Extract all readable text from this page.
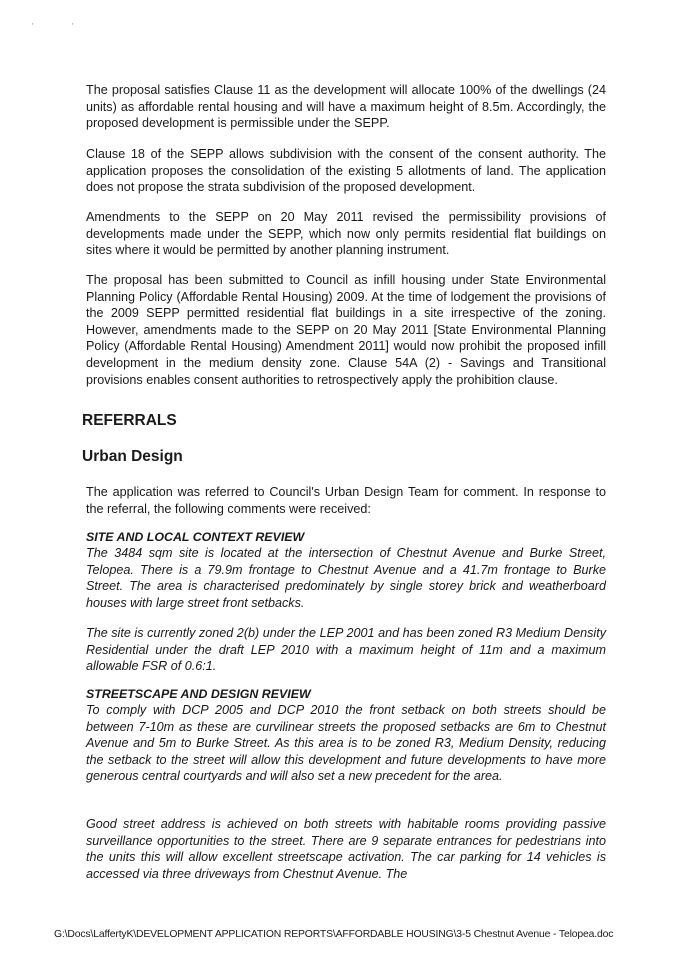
'	'

The proposal satisfies Clause 11 as the development will allocate 100% of the dwellings (24 units) as affordable rental housing and will have a maximum height of 8.5m. Accordingly, the proposed development is permissible under the SEPP.

Clause 18 of the SEPP allows subdivision with the consent of the consent authority. The application proposes the consolidation of the existing 5 allotments of land. The application does not propose the strata subdivision of the proposed development.

Amendments to the SEPP on 20 May 2011 revised the permissibility provisions of developments made under the SEPP, which now only permits residential flat buildings on sites where it would be permitted by another planning instrument.

The proposal has been submitted to Council as infill housing under State Environmental Planning Policy (Affordable Rental Housing) 2009. At the time of lodgement the provisions of the 2009 SEPP permitted residential flat buildings in a site irrespective of the zoning. However, amendments made to the SEPP on 20 May 2011 [State Environmental Planning Policy (Affordable Rental Housing) Amendment 2011] would now prohibit the proposed infill development in the medium density zone. Clause 54A (2) - Savings and Transitional provisions enables consent authorities to retrospectively apply the prohibition clause.

REFERRALS
Urban Design

The application was referred to Council's Urban Design Team for comment. In response to the referral, the following comments were received:

SITE AND LOCAL CONTEXT REVIEW

The 3484 sqm site is located at the intersection of Chestnut Avenue and Burke Street, Telopea. There is a 79.9m frontage to Chestnut Avenue and a 41.7m frontage to Burke Street. The area is characterised predominately by single storey brick and weatherboard houses with large street front setbacks.

The site is currently zoned 2(b) under the LEP 2001 and has been zoned R3 Medium Density Residential under the draft LEP 2010 with a maximum height of 11m and a maximum allowable FSR of 0.6:1.

STREETSCAPE AND DESIGN REVIEW

To comply with DCP 2005 and DCP 2010 the front setback on both streets should be between 7-10m as these are curvilinear streets the proposed setbacks are 6m to Chestnut Avenue and 5m to Burke Street. As this area is to be zoned R3, Medium Density, reducing the setback to the street will allow this development and future developments to have more generous central courtyards and will also set a new precedent for the area.

Good street address is achieved on both streets with habitable rooms providing passive surveillance opportunities to the street. There are 9 separate entrances for pedestrians into the units this will allow excellent streetscape activation. The car parking for 14 vehicles is accessed via three driveways from Chestnut Avenue. The

G:\Docs\LaffertyK\DEVELOPMENT APPLICATION REPORTS\AFFORDABLE HOUSING\3-5 Chestnut Avenue - Telopea.doc
